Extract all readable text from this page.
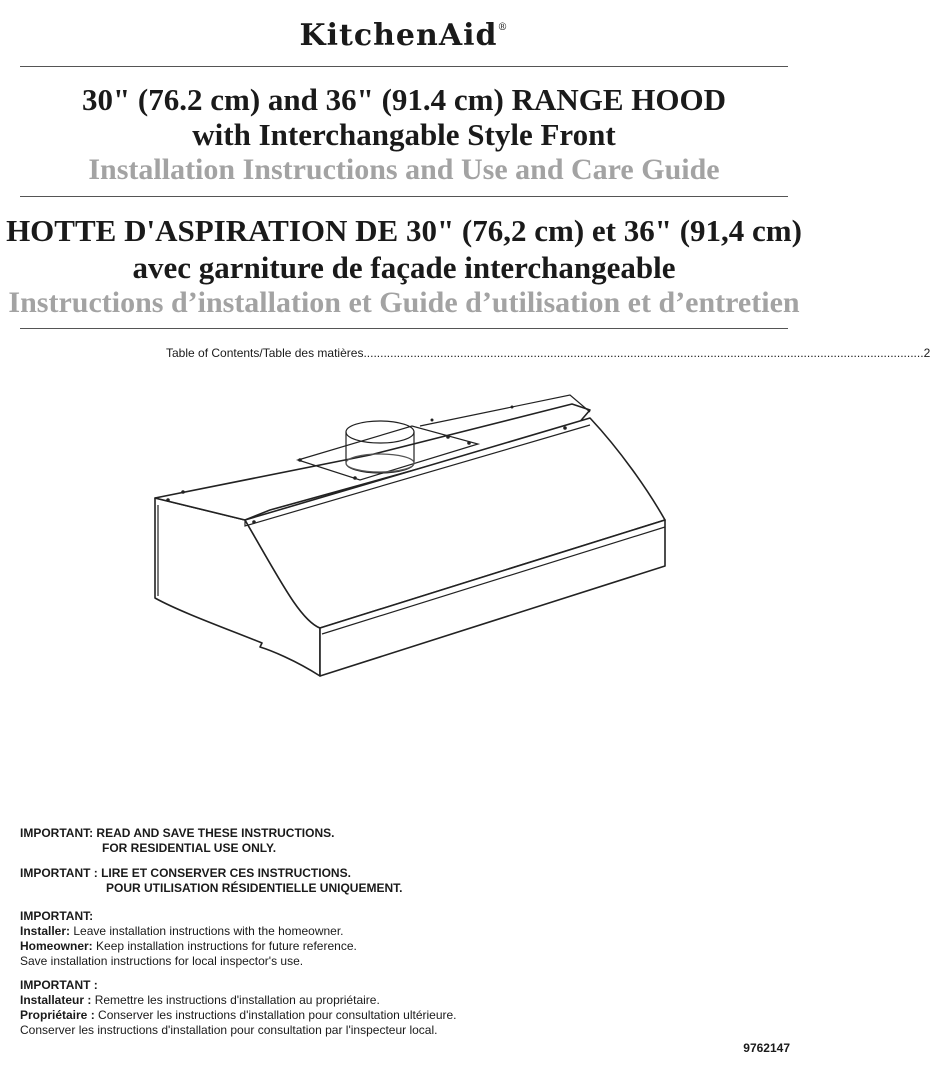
KitchenAid®
30" (76.2 cm) and 36" (91.4 cm) RANGE HOOD
with Interchangable Style Front
Installation Instructions and Use and Care Guide
HOTTE D'ASPIRATION DE 30" (76,2 cm) et 36" (91,4 cm)
avec garniture de façade interchangeable
Instructions d’installation et Guide d’utilisation et d’entretien
Table of Contents/Table des matières ........................................................................................................................................................................ 2
IMPORTANT: READ AND SAVE THESE INSTRUCTIONS.
FOR RESIDENTIAL USE ONLY.
IMPORTANT : LIRE ET CONSERVER CES INSTRUCTIONS.
POUR UTILISATION RÉSIDENTIELLE UNIQUEMENT.
IMPORTANT:
Installer: Leave installation instructions with the homeowner.
Homeowner: Keep installation instructions for future reference.
Save installation instructions for local inspector's use.
IMPORTANT :
Installateur : Remettre les instructions d'installation au propriétaire.
Propriétaire : Conserver les instructions d'installation pour consultation ultérieure.
Conserver les instructions d'installation pour consultation par l'inspecteur local.
9762147
